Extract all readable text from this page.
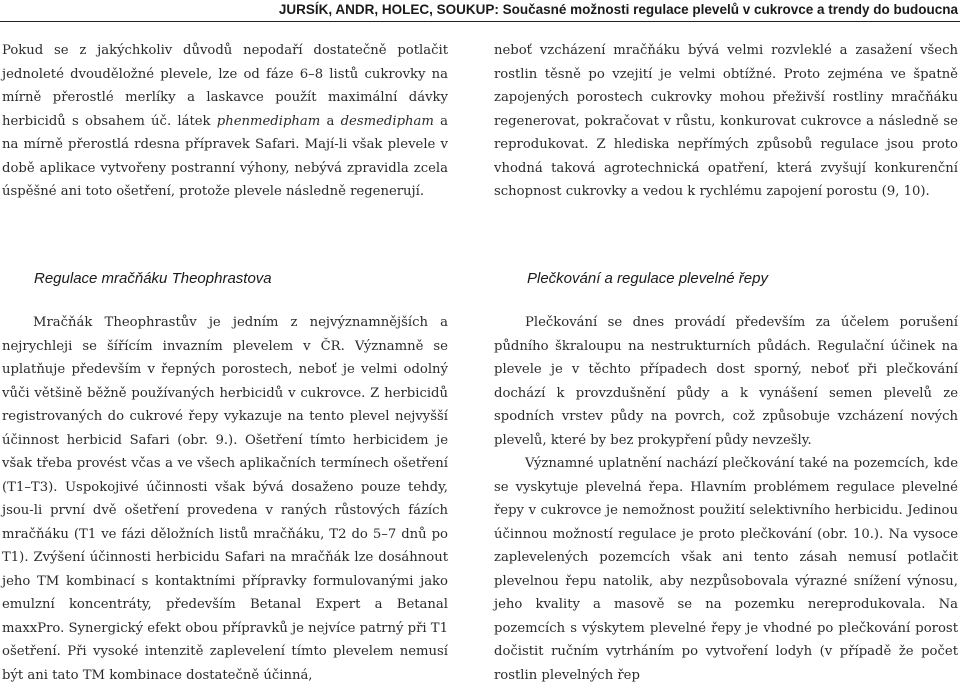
JURSÍK, ANDR, HOLEC, SOUKUP: Současné možnosti regulace plevelů v cukrovce a trendy do budoucna

Pokud se z jakýchkoliv důvodů nepodaří dostatečně potlačit jednoleté dvouděložné plevele, lze od fáze 6–8 listů cukrovky na mírně přerostlé merlíky a laskavce použít maximální dávky herbicidů s obsahem úč. látek phenmedipham a desmedipham a na mírně přerostlá rdesna přípravek Safari. Mají-li však plevele v době aplikace vytvořeny postranní výhony, nebývá zpravidla zcela úspěšné ani toto ošetření, protože plevele následně regenerují.

neboť vzcházení mračňáku bývá velmi rozvleklé a zasažení všech rostlin těsně po vzejití je velmi obtížné. Proto zejména ve špatně zapojených porostech cukrovky mohou přeživší rostliny mračňáku regenerovat, pokračovat v růstu, konkurovat cukrovce a následně se reprodukovat. Z hlediska nepřímých způsobů regulace jsou proto vhodná taková agrotechnická opatření, která zvyšují konkurenční schopnost cukrovky a vedou k rychlému zapojení porostu (9, 10).

Regulace mračňáku Theophrastova	Plečkování a regulace plevelné řepy

Mračňák Theophrastův je jedním z nejvýznamnějších a nejrychleji se šířícím invazním plevelem v ČR. Významně se uplatňuje především v řepných porostech, neboť je velmi odolný vůči většině běžně používaných herbicidů v cukrovce. Z herbicidů registrovaných do cukrové řepy vykazuje na tento plevel nejvyšší účinnost herbicid Safari (obr. 9.). Ošetření tímto herbicidem je však třeba provést včas a ve všech aplikačních termínech ošetření (T1–T3). Uspokojivé účinnosti však bývá dosaženo pouze tehdy, jsou-li první dvě ošetření provedena v raných růstových fázích mračňáku (T1 ve fázi děložních listů mračňáku, T2 do 5–7 dnů po T1). Zvýšení účinnosti herbicidu Safari na mračňák lze dosáhnout jeho TM kombinací s kontaktními přípravky formulovanými jako emulzní koncentráty, především Betanal Expert a Betanal maxxPro. Synergický efekt obou přípravků je nejvíce patrný při T1 ošetření. Při vysoké intenzitě zaplevelení tímto plevelem nemusí být ani tato TM kombinace dostatečně účinná,

Plečkování se dnes provádí především za účelem porušení půdního škraloupu na nestrukturních půdách. Regulační účinek na plevele je v těchto případech dost sporný, neboť při plečkování dochází k provzdušnění půdy a k vynášení semen plevelů ze spodních vrstev půdy na povrch, což způsobuje vzcházení nových plevelů, které by bez prokypření půdy nevzešly.

Významné uplatnění nachází plečkování také na pozemcích, kde se vyskytuje plevelná řepa. Hlavním problémem regulace plevelné řepy v cukrovce je nemožnost použití selektivního herbicidu. Jedinou účinnou možností regulace je proto plečkování (obr. 10.). Na vysoce zaplevelených pozemcích však ani tento zásah nemusí potlačit plevelnou řepu natolik, aby nezpůsobovala výrazné snížení výnosu, jeho kvality a masově se na pozemku nereprodukovala. Na pozemcích s výskytem plevelné řepy je vhodné po plečkování porost dočistit ručním vytrháním po vytvoření lodyh (v případě že počet rostlin plevelných řep
